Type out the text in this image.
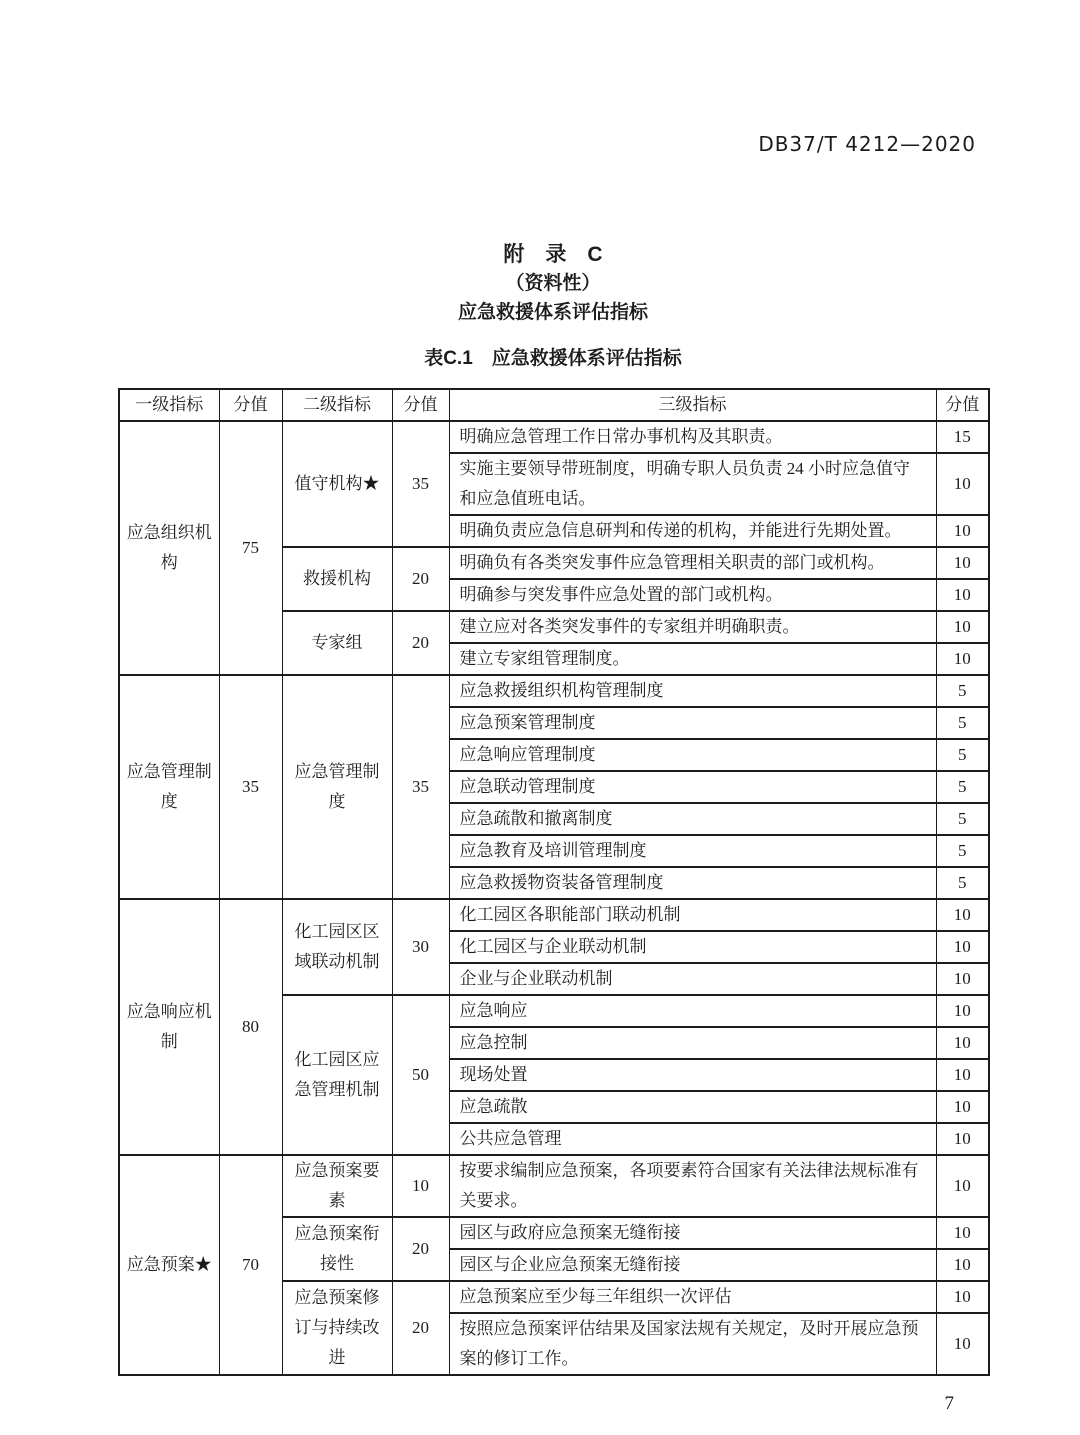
DB37/T 4212—2020
附　录　C
（资料性）
应急救援体系评估指标
表C.1　应急救援体系评估指标
一级指标	分值	二级指标	分值	三级指标	分值
应急组织机构	75	值守机构★	35	明确应急管理工作日常办事机构及其职责。	15
				实施主要领导带班制度，明确专职人员负责 24 小时应急值守和应急值班电话。	10
				明确负责应急信息研判和传递的机构，并能进行先期处置。	10
		救援机构	20	明确负有各类突发事件应急管理相关职责的部门或机构。	10
				明确参与突发事件应急处置的部门或机构。	10
		专家组	20	建立应对各类突发事件的专家组并明确职责。	10
				建立专家组管理制度。	10
应急管理制度	35	应急管理制度	35	应急救援组织机构管理制度	5
				应急预案管理制度	5
				应急响应管理制度	5
				应急联动管理制度	5
				应急疏散和撤离制度	5
				应急教育及培训管理制度	5
				应急救援物资装备管理制度	5
应急响应机制	80	化工园区区域联动机制	30	化工园区各职能部门联动机制	10
				化工园区与企业联动机制	10
				企业与企业联动机制	10
		化工园区应急管理机制	50	应急响应	10
				应急控制	10
				现场处置	10
				应急疏散	10
				公共应急管理	10
应急预案★	70	应急预案要素	10	按要求编制应急预案，各项要素符合国家有关法律法规标准有关要求。	10
		应急预案衔接性	20	园区与政府应急预案无缝衔接	10
				园区与企业应急预案无缝衔接	10
		应急预案修订与持续改进	20	应急预案应至少每三年组织一次评估	10
				按照应急预案评估结果及国家法规有关规定，及时开展应急预案的修订工作。	10
7
